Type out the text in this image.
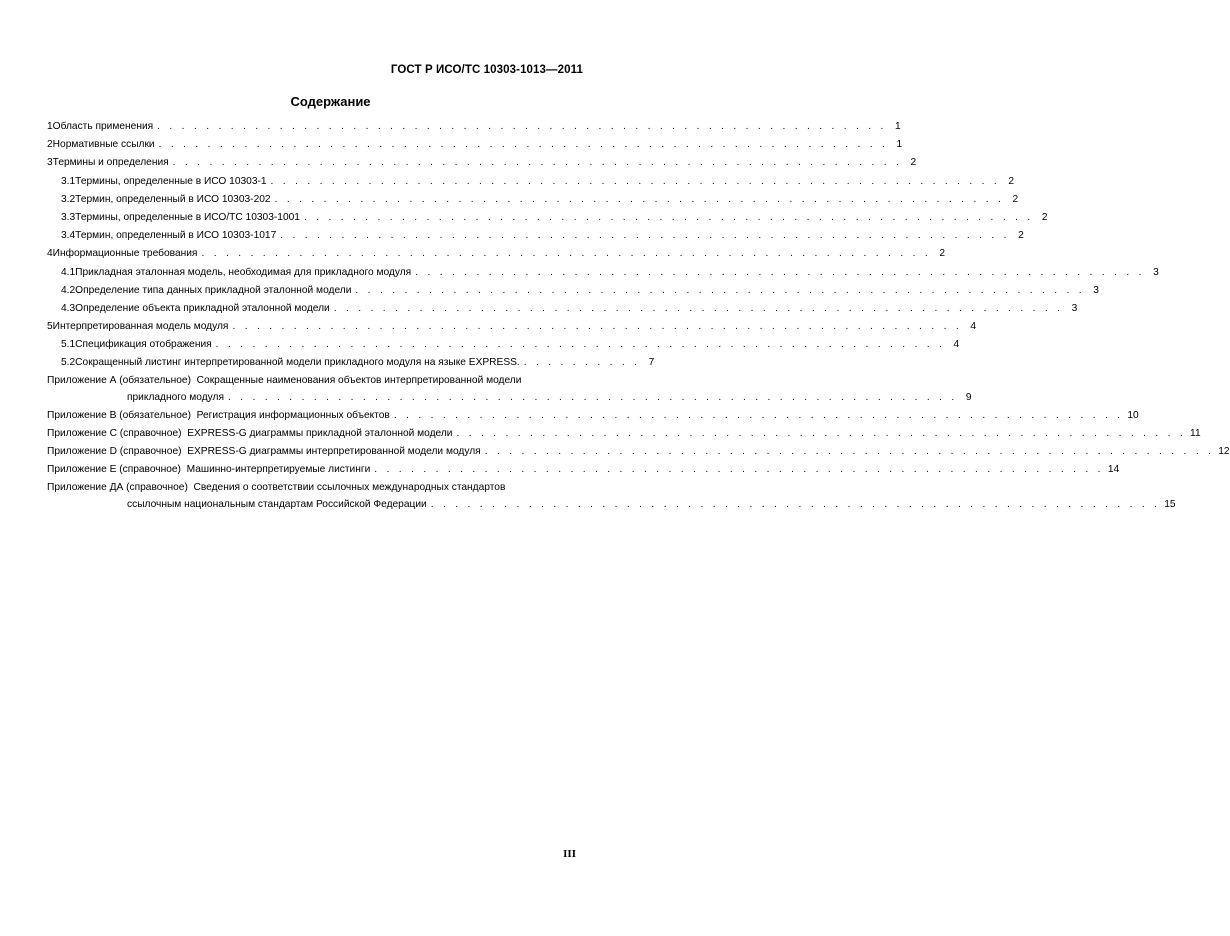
ГОСТ Р ИСО/ТС 10303-1013—2011
Содержание
1 Область применения . . . . . . . . . . . . . . . . . . . . . . . . . . . . . . . . . . . . . . . . . . . . . . . . . . . . . . . . . . . . 1
2 Нормативные ссылки . . . . . . . . . . . . . . . . . . . . . . . . . . . . . . . . . . . . . . . . . . . . . . . . . . . . . . . . . . . . 1
3 Термины и определения . . . . . . . . . . . . . . . . . . . . . . . . . . . . . . . . . . . . . . . . . . . . . . . . . . . . . . . . . . . . 2
3.1 Термины, определенные в ИСО 10303-1 . . . . . . . . . . . . . . . . . . . . . . . . . . . . . . . . . . . . . . . . . . . . . . . . . . . . . . . . . . . . 2
3.2 Термин, определенный в ИСО 10303-202 . . . . . . . . . . . . . . . . . . . . . . . . . . . . . . . . . . . . . . . . . . . . . . . . . . . . . . . . . . . . 2
3.3 Термины, определенные в ИСО/ТС 10303-1001 . . . . . . . . . . . . . . . . . . . . . . . . . . . . . . . . . . . . . . . . . . . . . . . . . . . . . . . . . . . . 2
3.4 Термин, определенный в ИСО 10303-1017 . . . . . . . . . . . . . . . . . . . . . . . . . . . . . . . . . . . . . . . . . . . . . . . . . . . . . . . . . . . . 2
4 Информационные требования . . . . . . . . . . . . . . . . . . . . . . . . . . . . . . . . . . . . . . . . . . . . . . . . . . . . . . . . . . . . 2
4.1 Прикладная эталонная модель, необходимая для прикладного модуля . . . . . . . . . . . . . . . . . . . . . . . . . . . . . . . . . . . . . . . . . . . . . . . . . . . . . . . . . . . . 3
4.2 Определение типа данных прикладной эталонной модели . . . . . . . . . . . . . . . . . . . . . . . . . . . . . . . . . . . . . . . . . . . . . . . . . . . . . . . . . . . . 3
4.3 Определение объекта прикладной эталонной модели . . . . . . . . . . . . . . . . . . . . . . . . . . . . . . . . . . . . . . . . . . . . . . . . . . . . . . . . . . . . 3
5 Интерпретированная модель модуля . . . . . . . . . . . . . . . . . . . . . . . . . . . . . . . . . . . . . . . . . . . . . . . . . . . . . . . . . . . . 4
5.1 Спецификация отображения . . . . . . . . . . . . . . . . . . . . . . . . . . . . . . . . . . . . . . . . . . . . . . . . . . . . . . . . . . . . 4
5.2 Сокращенный листинг интерпретированной модели прикладного модуля на языке EXPRESS. . . . . . . . . . . 7
Приложение А (обязательное) Сокращенные наименования объектов интерпретированной модели
прикладного модуля . . . . . . . . . . . . . . . . . . . . . . . . . . . . . . . . . . . . . . . . . . . . . . . . . . . . . . . . . . . . 9
Приложение В (обязательное)
Регистрация информационных объектов . . . . . . . . . . . . . . . . . . . . . . . . . . . . . . . . . . . . . . . . . . . . . . . . . . . . . . . . . . . . 10
Приложение С (справочное)
EXPRESS-G диаграммы прикладной эталонной модели . . . . . . . . . . . . . . . . . . . . . . . . . . . . . . . . . . . . . . . . . . . . . . . . . . . . . . . . . . . . 11
Приложение D (справочное)
EXPRESS-G диаграммы интерпретированной модели модуля . . . . . . . . . . . . . . . . . . . . . . . . . . . . . . . . . . . . . . . . . . . . . . . . . . . . . . . . . . . . 12
Приложение Е (справочное)
Машинно-интерпретируемые листинги . . . . . . . . . . . . . . . . . . . . . . . . . . . . . . . . . . . . . . . . . . . . . . . . . . . . . . . . . . . . 14
Приложение ДА (справочное) Сведения о соответствии ссылочных международных стандартов
ссылочным национальным стандартам Российской Федерации . . . . . . . . . . . . . . . . . . . . . . . . . . . . . . . . . . . . . . . . . . . . . . . . . . . . . . . . . . . . 15
III
